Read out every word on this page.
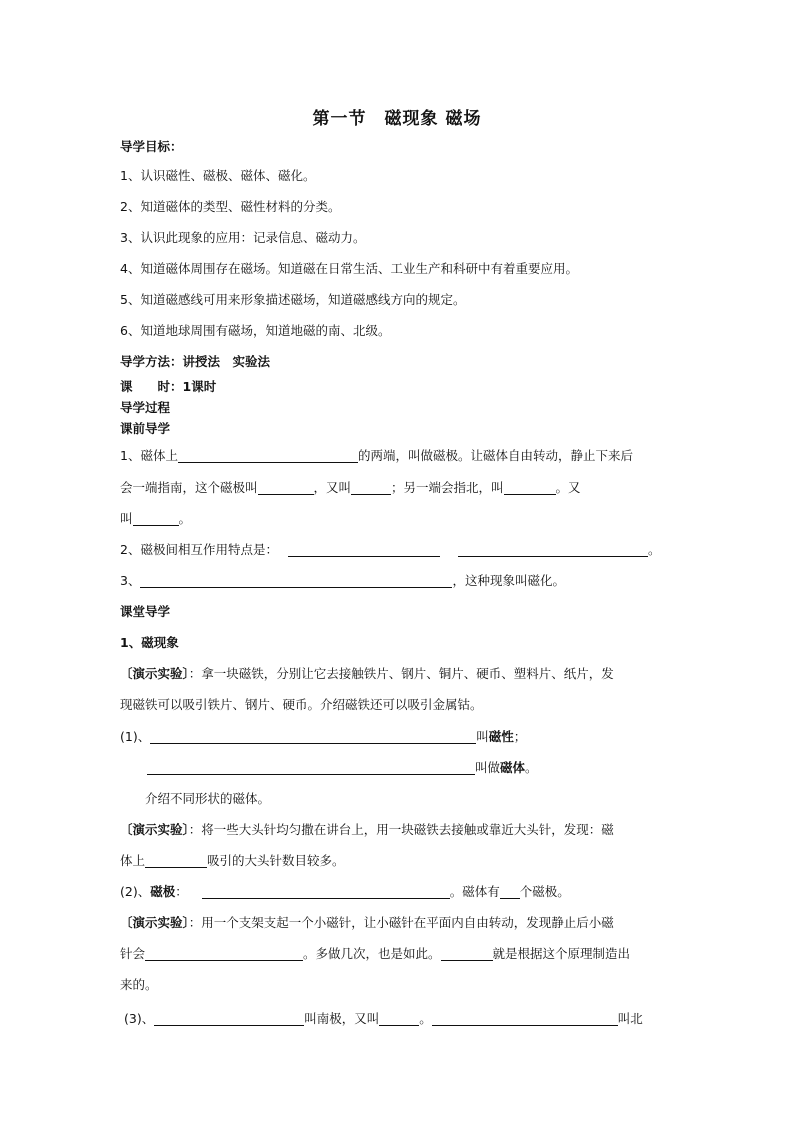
第一节　磁现象 磁场
导学目标：
1、认识磁性、磁极、磁体、磁化。
2、知道磁体的类型、磁性材料的分类。
3、认识此现象的应用：记录信息、磁动力。
4、知道磁体周围存在磁场。知道磁在日常生活、工业生产和科研中有着重要应用。
5、知道磁感线可用来形象描述磁场，知道磁感线方向的规定。
6、知道地球周围有磁场，知道地磁的南、北级。
导学方法：讲授法　实验法
课　　时：1课时
导学过程
课前导学
1、磁体上	的两端，叫做磁极。让磁体自由转动，静止下来后
会一端指南，这个磁极叫	，又叫	；另一端会指北，叫	。又
叫	。
2、磁极间相互作用特点是：	。
3、	，这种现象叫磁化。
课堂导学
1、磁现象
〔演示实验〕：拿一块磁铁，分别让它去接触铁片、钢片、铜片、硬币、塑料片、纸片，发
现磁铁可以吸引铁片、钢片、硬币。介绍磁铁还可以吸引金属钴。
(1)、	叫磁性；
叫做磁体。
介绍不同形状的磁体。
〔演示实验〕：将一些大头针均匀撒在讲台上，用一块磁铁去接触或靠近大头针，发现：磁
体上	吸引的大头针数目较多。
(2)、磁极：	。磁体有 个磁极。
〔演示实验〕：用一个支架支起一个小磁针，让小磁针在平面内自由转动，发现静止后小磁
针会	。多做几次，也是如此。	就是根据这个原理制造出
来的。
(3)、	叫南极，又叫	。	叫北
